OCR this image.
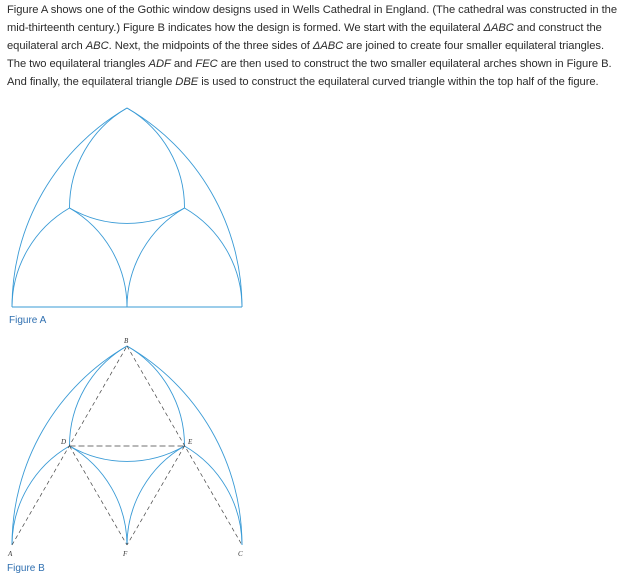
Figure A shows one of the Gothic window designs used in Wells Cathedral in England. (The cathedral was constructed in the mid-thirteenth century.) Figure B indicates how the design is formed. We start with the equilateral ΔABC and construct the equilateral arch ABC. Next, the midpoints of the three sides of ΔABC are joined to create four smaller equilateral triangles. The two equilateral triangles ADF and FEC are then used to construct the two smaller equilateral arches shown in Figure B. And finally, the equilateral triangle DBE is used to construct the equilateral curved triangle within the top half of the figure.
A
B
C
D	E
F
Figure A
Figure B
